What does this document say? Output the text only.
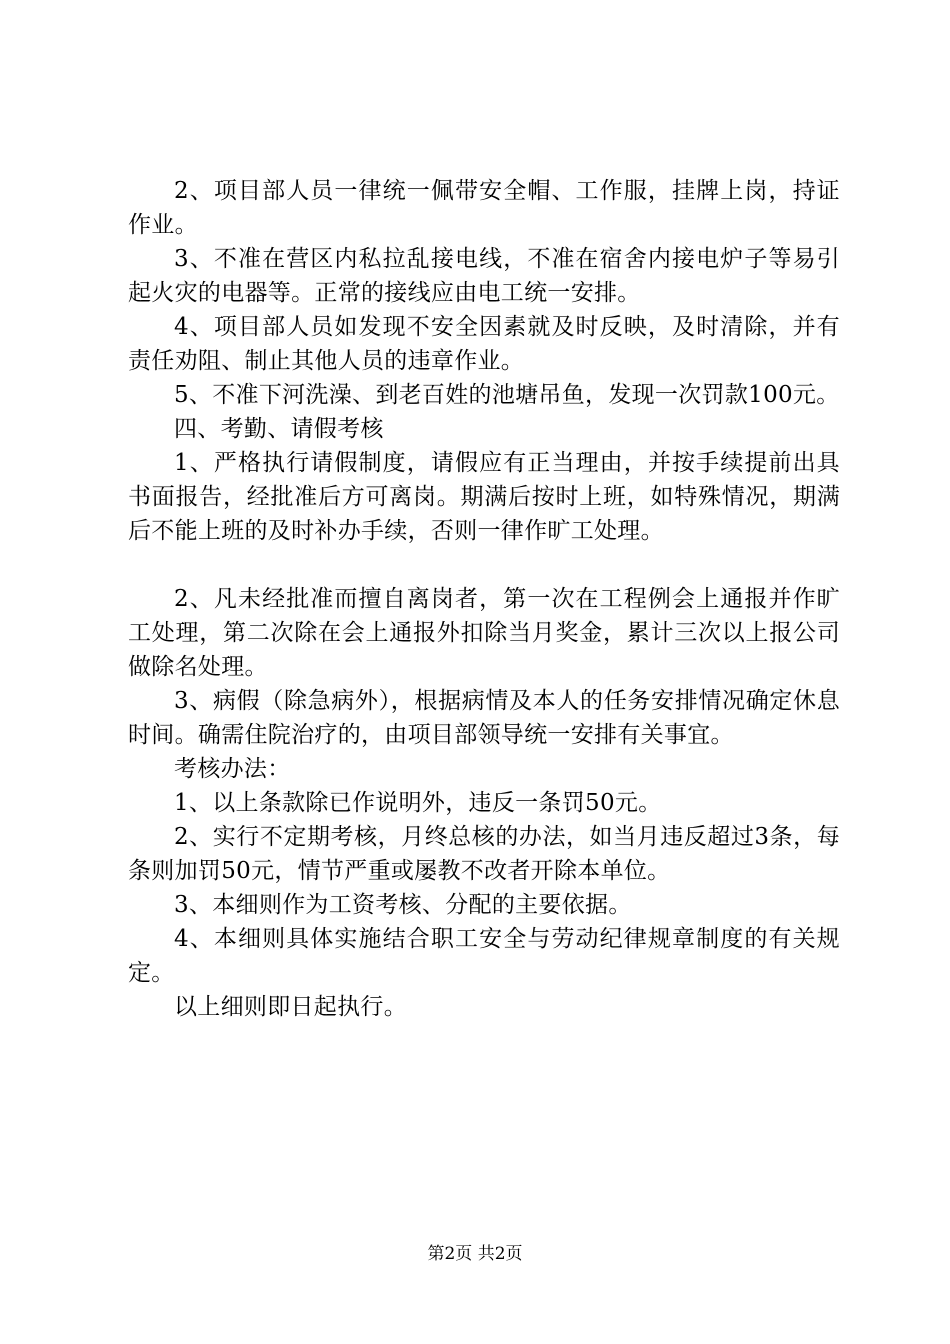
2、项目部人员一律统一佩带安全帽、工作服，挂牌上岗，持证作业。

3、不准在营区内私拉乱接电线，不准在宿舍内接电炉子等易引起火灾的电器等。正常的接线应由电工统一安排。

4、项目部人员如发现不安全因素就及时反映，及时清除，并有责任劝阻、制止其他人员的违章作业。

5、不准下河洗澡、到老百姓的池塘吊鱼，发现一次罚款100元。

四、考勤、请假考核

1、严格执行请假制度，请假应有正当理由，并按手续提前出具书面报告，经批准后方可离岗。期满后按时上班，如特殊情况，期满后不能上班的及时补办手续，否则一律作旷工处理。

2、凡未经批准而擅自离岗者，第一次在工程例会上通报并作旷工处理，第二次除在会上通报外扣除当月奖金，累计三次以上报公司做除名处理。

3、病假（除急病外），根据病情及本人的任务安排情况确定休息时间。确需住院治疗的，由项目部领导统一安排有关事宜。

考核办法：

1、以上条款除已作说明外，违反一条罚50元。

2、实行不定期考核，月终总核的办法，如当月违反超过3条，每条则加罚50元，情节严重或屡教不改者开除本单位。

3、本细则作为工资考核、分配的主要依据。

4、本细则具体实施结合职工安全与劳动纪律规章制度的有关规定。

以上细则即日起执行。

第2页 共2页
